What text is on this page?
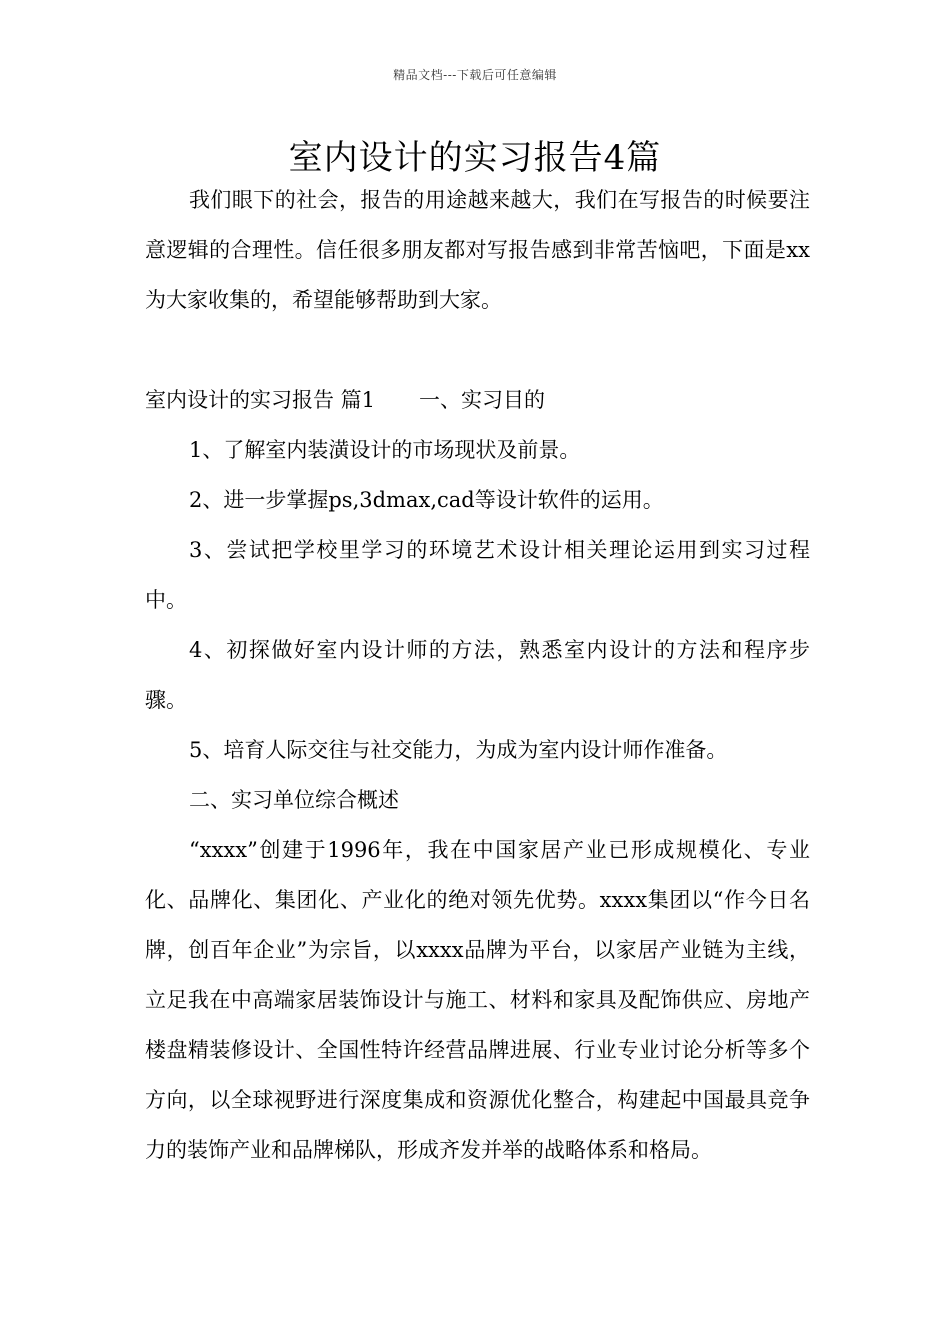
精品文档---下载后可任意编辑
室内设计的实习报告4篇

我们眼下的社会，报告的用途越来越大，我们在写报告的时候要注意逻辑的合理性。信任很多朋友都对写报告感到非常苦恼吧，下面是xx为大家收集的，希望能够帮助到大家。

室内设计的实习报告 篇1 一、实习目的

1、了解室内装潢设计的市场现状及前景。

2、进一步掌握ps,3dmax,cad等设计软件的运用。

3、尝试把学校里学习的环境艺术设计相关理论运用到实习过程中。

4、初探做好室内设计师的方法，熟悉室内设计的方法和程序步骤。

5、培育人际交往与社交能力，为成为室内设计师作准备。

二、实习单位综合概述

“xxxx”创建于1996年，我在中国家居产业已形成规模化、专业化、品牌化、集团化、产业化的绝对领先优势。xxxx集团以“作今日名牌，创百年企业”为宗旨，以xxxx品牌为平台，以家居产业链为主线，立足我在中高端家居装饰设计与施工、材料和家具及配饰供应、房地产楼盘精装修设计、全国性特许经营品牌进展、行业专业讨论分析等多个方向，以全球视野进行深度集成和资源优化整合，构建起中国最具竞争力的装饰产业和品牌梯队，形成齐发并举的战略体系和格局。
